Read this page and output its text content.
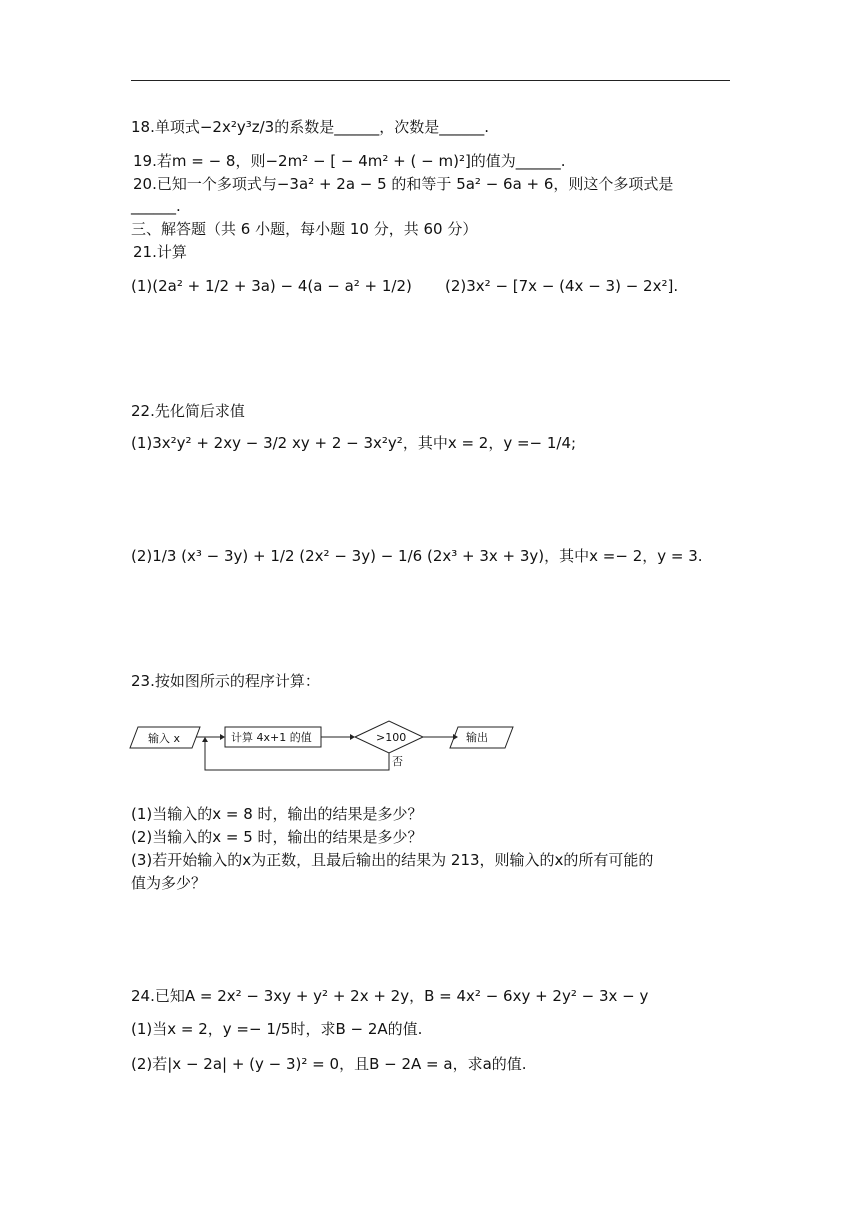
18.单项式−2x²y³z/3的系数是______，次数是______.
19.若m = − 8，则−2m² − [ − 4m² + ( − m)²]的值为______.
20.已知一个多项式与−3a² + 2a − 5 的和等于 5a² − 6a + 6，则这个多项式是
______.
三、解答题（共 6 小题，每小题 10 分，共 60 分）
21.计算
(1)(2a² + 1/2 + 3a) − 4(a − a² + 1/2) (2)3x² − [7x − (4x − 3) − 2x²].
22.先化简后求值
(1)3x²y² + 2xy − 3/2 xy + 2 − 3x²y²，其中x = 2，y =− 1/4;
(2)1/3 (x³ − 3y) + 1/2 (2x² − 3y) − 1/6 (2x³ + 3x + 3y)，其中x =− 2，y = 3.
23.按如图所示的程序计算：
输入 x	计算 4x+1 的值	>100	输出
否
(1)当输入的x = 8 时，输出的结果是多少？
(2)当输入的x = 5 时，输出的结果是多少？
(3)若开始输入的x为正数，且最后输出的结果为 213，则输入的x的所有可能的
值为多少？
24.已知A = 2x² − 3xy + y² + 2x + 2y，B = 4x² − 6xy + 2y² − 3x − y
(1)当x = 2，y =− 1/5时，求B − 2A的值.
(2)若|x − 2a| + (y − 3)² = 0，且B − 2A = a，求a的值.
